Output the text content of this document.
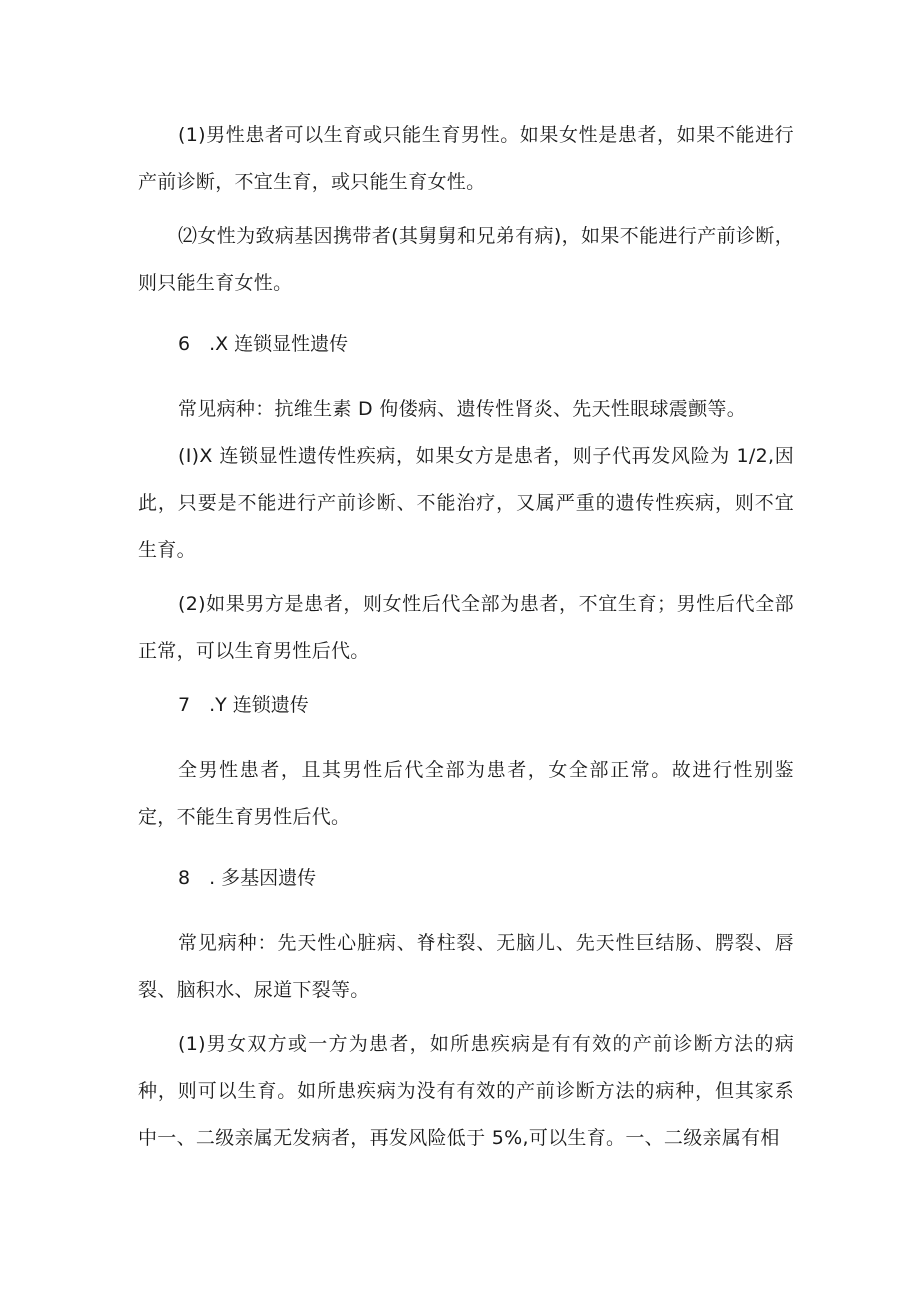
(1)男性患者可以生育或只能生育男性。如果女性是患者，如果不能进行产前诊断，不宜生育，或只能生育女性。

⑵女性为致病基因携带者(其舅舅和兄弟有病)，如果不能进行产前诊断，则只能生育女性。

6　.X 连锁显性遗传

常见病种：抗维生素 D 佝偻病、遗传性肾炎、先天性眼球震颤等。

(I)X 连锁显性遗传性疾病，如果女方是患者，则子代再发风险为 1/2,因此，只要是不能进行产前诊断、不能治疗，又属严重的遗传性疾病，则不宜生育。

(2)如果男方是患者，则女性后代全部为患者，不宜生育；男性后代全部正常，可以生育男性后代。

7　.Y 连锁遗传

全男性患者，且其男性后代全部为患者，女全部正常。故进行性别鉴定，不能生育男性后代。

8　. 多基因遗传

常见病种：先天性心脏病、脊柱裂、无脑儿、先天性巨结肠、腭裂、唇裂、脑积水、尿道下裂等。

(1)男女双方或一方为患者，如所患疾病是有有效的产前诊断方法的病种，则可以生育。如所患疾病为没有有效的产前诊断方法的病种，但其家系中一、二级亲属无发病者，再发风险低于 5%,可以生育。一、二级亲属有相
